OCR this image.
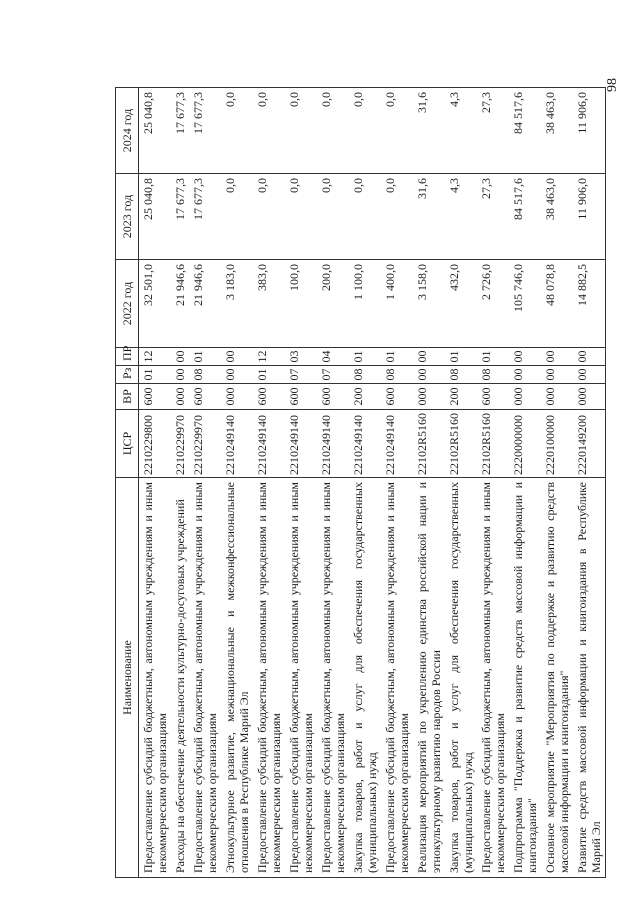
98
Наименование	ЦСР	ВР	Рз	ПР	2022 год	2023 год	2024 год
Предоставление субсидий бюджетным, автономным учреждениям и иным некоммерческим организациям	2210229800	600	01	12	32 501,0	25 040,8	25 040,8
Расходы на обеспечение деятельности культурно-досуговых учреждений	2210229970	000	00	00	21 946,6	17 677,3	17 677,3
Предоставление субсидий бюджетным, автономным учреждениям и иным некоммерческим организациям	2210229970	600	08	01	21 946,6	17 677,3	17 677,3
Этнокультурное развитие, межнациональные и межконфессиональные отношения в Республике Марий Эл	2210249140	000	00	00	3 183,0	0,0	0,0
Предоставление субсидий бюджетным, автономным учреждениям и иным некоммерческим организациям	2210249140	600	01	12	383,0	0,0	0,0
Предоставление субсидий бюджетным, автономным учреждениям и иным некоммерческим организациям	2210249140	600	07	03	100,0	0,0	0,0
Предоставление субсидий бюджетным, автономным учреждениям и иным некоммерческим организациям	2210249140	600	07	04	200,0	0,0	0,0
Закупка товаров, работ и услуг для обеспечения государственных (муниципальных) нужд	2210249140	200	08	01	1 100,0	0,0	0,0
Предоставление субсидий бюджетным, автономным учреждениям и иным некоммерческим организациям	2210249140	600	08	01	1 400,0	0,0	0,0
Реализация мероприятий по укреплению единства российской нации и этнокультурному развитию народов России	22102R5160	000	00	00	3 158,0	31,6	31,6
Закупка товаров, работ и услуг для обеспечения государственных (муниципальных) нужд	22102R5160	200	08	01	432,0	4,3	4,3
Предоставление субсидий бюджетным, автономным учреждениям и иным некоммерческим организациям	22102R5160	600	08	01	2 726,0	27,3	27,3
Подпрограмма "Поддержка и развитие средств массовой информации и книгоиздания"	2220000000	000	00	00	105 746,0	84 517,6	84 517,6
Основное мероприятие "Мероприятия по поддержке и развитию средств массовой информации и книгоиздания"	2220100000	000	00	00	48 078,8	38 463,0	38 463,0
Развитие средств массовой информации и книгоиздания в Республике Марий Эл	2220149200	000	00	00	14 882,5	11 906,0	11 906,0
